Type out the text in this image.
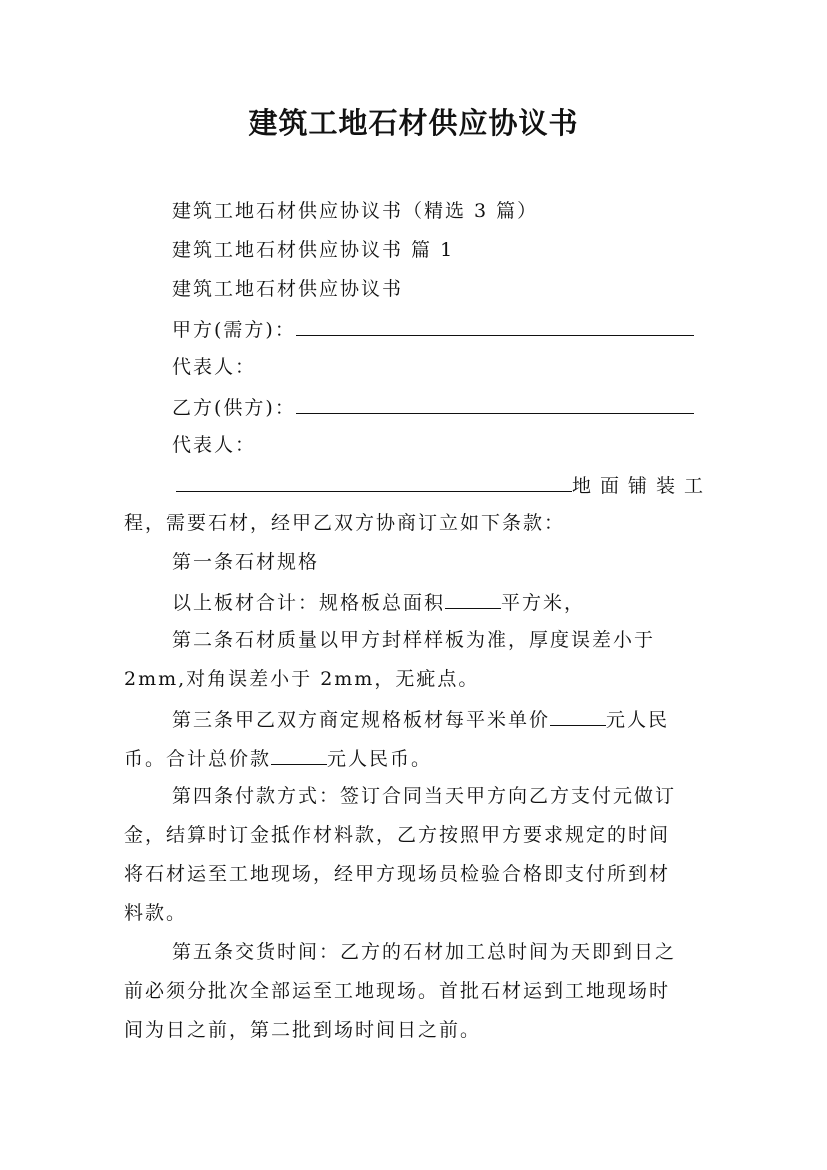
建筑工地石材供应协议书
建筑工地石材供应协议书（精选 3 篇）
建筑工地石材供应协议书 篇 1
建筑工地石材供应协议书
甲方(需方)：
代表人：
乙方(供方)：
代表人：
地面铺装工
程，需要石材，经甲乙双方协商订立如下条款：
第一条石材规格
以上板材合计：规格板总面积	平方米，
第二条石材质量以甲方封样样板为准，厚度误差小于
2mm,对角误差小于 2mm，无疵点。
第三条甲乙双方商定规格板材每平米单价	元人民
币。合计总价款	元人民币。
第四条付款方式：签订合同当天甲方向乙方支付元做订
金，结算时订金抵作材料款，乙方按照甲方要求规定的时间
将石材运至工地现场，经甲方现场员检验合格即支付所到材
料款。
第五条交货时间：乙方的石材加工总时间为天即到日之
前必须分批次全部运至工地现场。首批石材运到工地现场时
间为日之前，第二批到场时间日之前。
